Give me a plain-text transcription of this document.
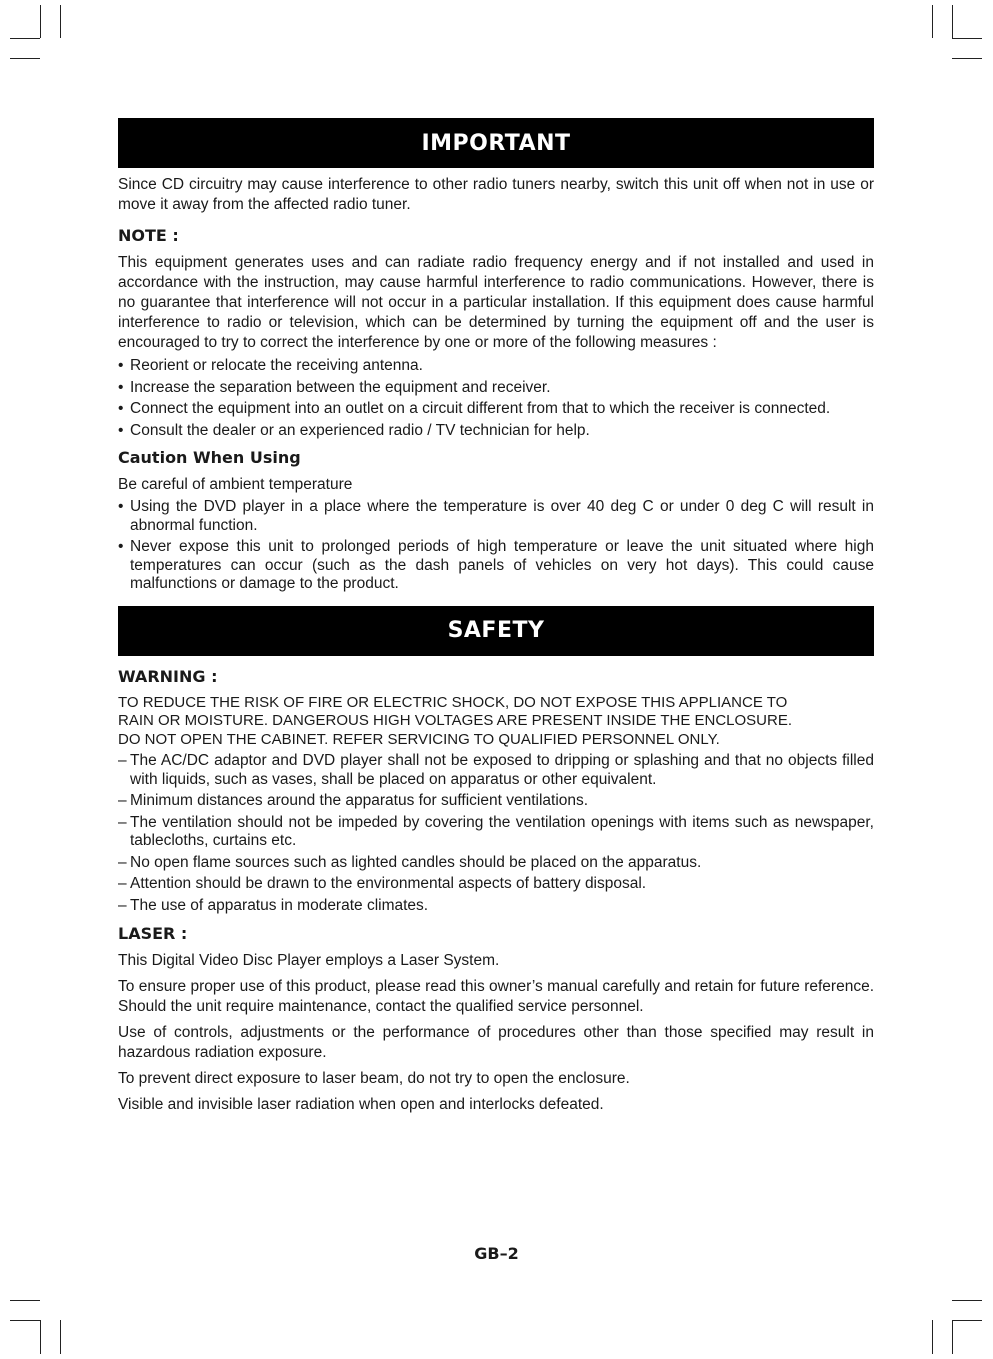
IMPORTANT

Since CD circuitry may cause interference to other radio tuners nearby, switch this unit off when not in use or move it away from the affected radio tuner.

NOTE :

This equipment generates uses and can radiate radio frequency energy and if not installed and used in accordance with the instruction, may cause harmful interference to radio communications. However, there is no guarantee that interference will not occur in a particular installation. If this equipment does cause harmful interference to radio or television, which can be determined by turning the equipment off and the user is encouraged to try to correct the interference by one or more of the following measures :

• Reorient or relocate the receiving antenna.
• Increase the separation between the equipment and receiver.
• Connect the equipment into an outlet on a circuit different from that to which the receiver is connected.
• Consult the dealer or an experienced radio / TV technician for help.

Caution When Using

Be careful of ambient temperature

• Using the DVD player in a place where the temperature is over 40 deg C or under 0 deg C will result in abnormal function.
• Never expose this unit to prolonged periods of high temperature or leave the unit situated where high temperatures can occur (such as the dash panels of vehicles on very hot days). This could cause malfunctions or damage to the product.
SAFETY

WARNING :

TO REDUCE THE RISK OF FIRE OR ELECTRIC SHOCK, DO NOT EXPOSE THIS APPLIANCE TO

RAIN OR MOISTURE. DANGEROUS HIGH VOLTAGES ARE PRESENT INSIDE THE ENCLOSURE.

DO NOT OPEN THE CABINET. REFER SERVICING TO QUALIFIED PERSONNEL ONLY.

– The AC/DC adaptor and DVD player shall not be exposed to dripping or splashing and that no objects filled with liquids, such as vases, shall be placed on apparatus or other equivalent.
– Minimum distances around the apparatus for sufficient ventilations.
– The ventilation should not be impeded by covering the ventilation openings with items such as newspaper, tablecloths, curtains etc.
– No open flame sources such as lighted candles should be placed on the apparatus.
– Attention should be drawn to the environmental aspects of battery disposal.
– The use of apparatus in moderate climates.

LASER :

This Digital Video Disc Player employs a Laser System.

To ensure proper use of this product, please read this owner’s manual carefully and retain for future reference. Should the unit require maintenance, contact the qualified service personnel.

Use of controls, adjustments or the performance of procedures other than those specified may result in hazardous radiation exposure.

To prevent direct exposure to laser beam, do not try to open the enclosure.

Visible and invisible laser radiation when open and interlocks defeated.

GB–2
